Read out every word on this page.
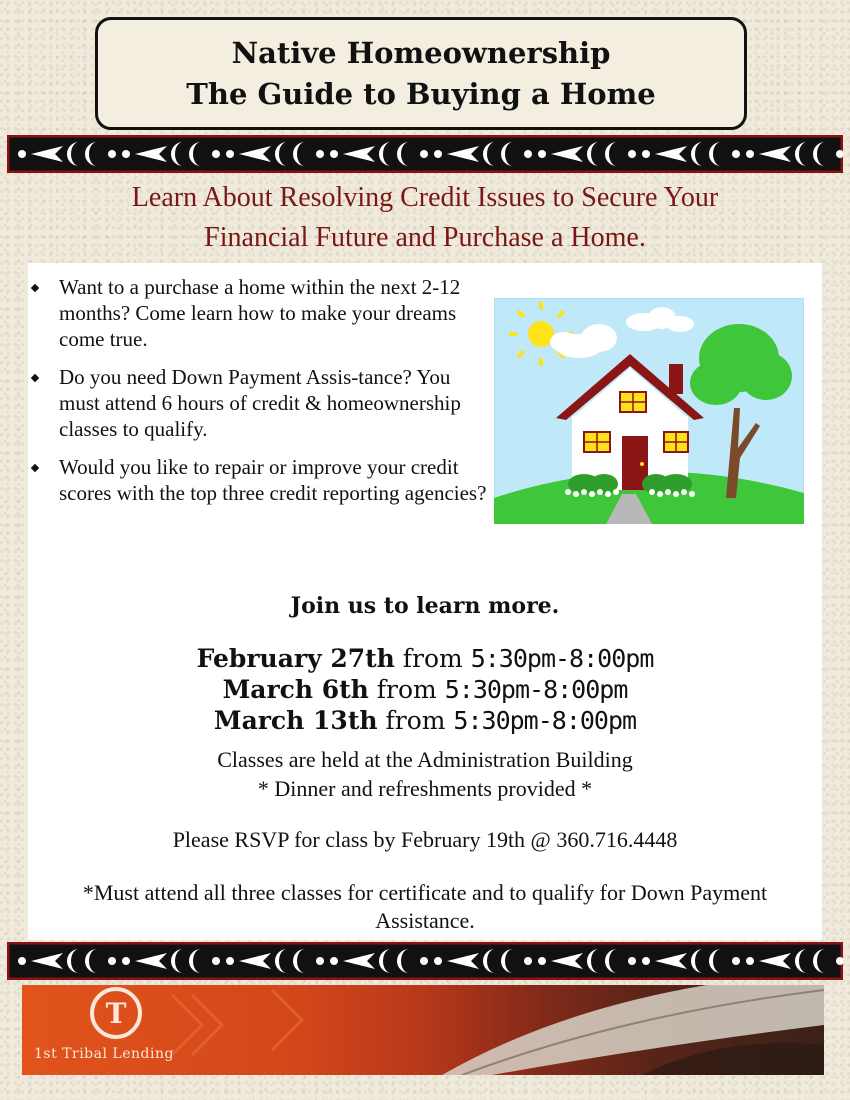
Native Homeownership
The Guide to Buying a Home
Learn About Resolving Credit Issues to Secure Your
Financial Future and Purchase a Home.
Want to a purchase a home within the next 2-12 months? Come learn how to make your dreams come true.
Do you need Down Payment Assis-tance? You must attend 6 hours of credit & homeownership classes to qualify.
Would you like to repair or improve your credit scores with the top three credit reporting agencies?
Join us to learn more.
February 27th from 5:30pm-8:00pm
March 6th from 5:30pm-8:00pm
March 13th from 5:30pm-8:00pm
Classes are held at the Administration Building
* Dinner and refreshments provided *
Please RSVP for class by February 19th @ 360.716.4448
*Must attend all three classes for certificate and to qualify for Down Payment Assistance.
T
1st Tribal Lending
